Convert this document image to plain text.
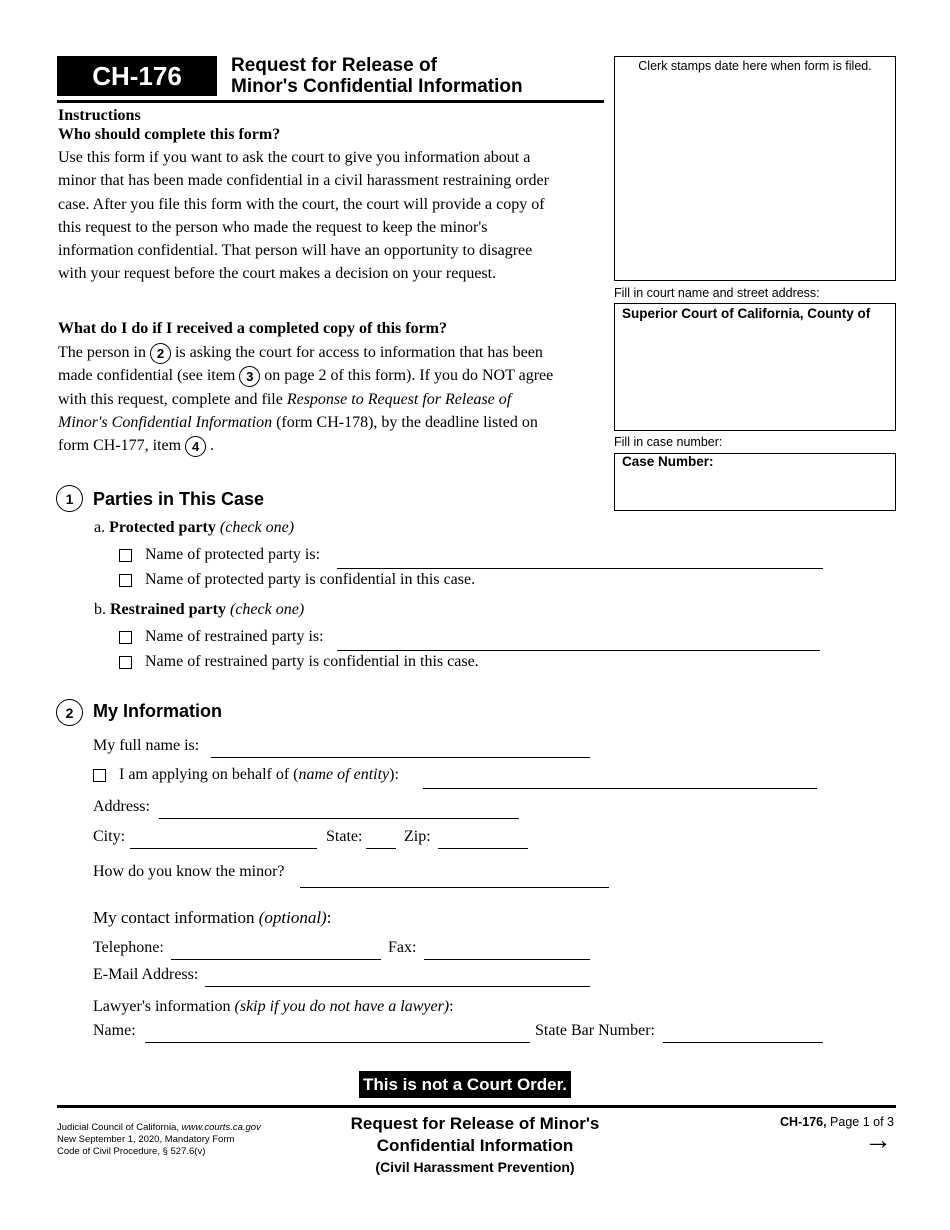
CH-176	Request for Release of
Minor's Confidential Information
Clerk stamps date here when form is filed.
Fill in court name and street address:
Superior Court of California, County of
Fill in case number:
Case Number:
Instructions
Who should complete this form?
Use this form if you want to ask the court to give you information about a
minor that has been made confidential in a civil harassment restraining order
case. After you file this form with the court, the court will provide a copy of
this request to the person who made the request to keep the minor's
information confidential. That person will have an opportunity to disagree
with your request before the court makes a decision on your request.
What do I do if I received a completed copy of this form?
The person in 2 is asking the court for access to information that has been
made confidential (see item 3 on page 2 of this form). If you do NOT agree
with this request, complete and file Response to Request for Release of
Minor's Confidential Information (form CH-178), by the deadline listed on
form CH-177, item 4 .
1	Parties in This Case
a. Protected party (check one)
Name of protected party is:
Name of protected party is confidential in this case.
b. Restrained party (check one)
Name of restrained party is:
Name of restrained party is confidential in this case.
2	My Information
My full name is:
I am applying on behalf of (name of entity):
Address:
City:	State:	Zip:
How do you know the minor?
My contact information (optional):
Telephone:	Fax:
E-Mail Address:
Lawyer's information (skip if you do not have a lawyer):
Name:	State Bar Number:
This is not a Court Order.
Judicial Council of California, www.courts.ca.gov
New September 1, 2020, Mandatory Form
Code of Civil Procedure, § 527.6(v)
Request for Release of Minor's
Confidential Information
(Civil Harassment Prevention)
CH-176, Page 1 of 3
→
